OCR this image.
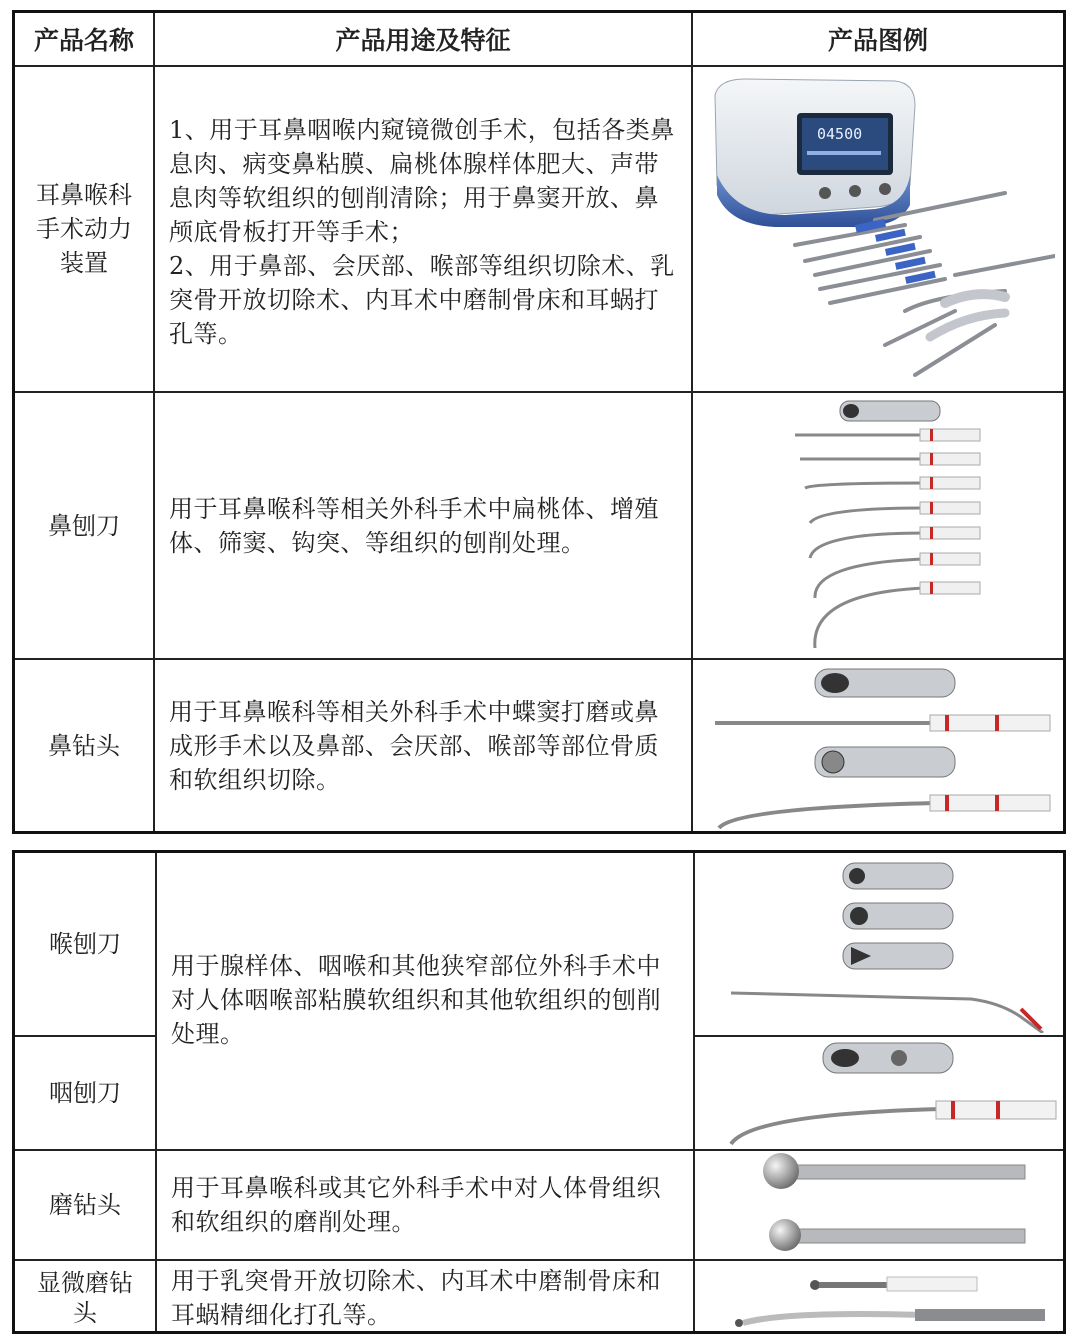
产品名称	产品用途及特征	产品图例
耳鼻喉科
手术动力
装置
1、用于耳鼻咽喉内窥镜微创手术，包括各类鼻息肉、病变鼻粘膜、扁桃体腺样体肥大、声带息肉等软组织的刨削清除；用于鼻窦开放、鼻颅底骨板打开等手术；
2、用于鼻部、会厌部、喉部等组织切除术、乳突骨开放切除术、内耳术中磨制骨床和耳蜗打孔等。
04500
鼻刨刀
用于耳鼻喉科等相关外科手术中扁桃体、增殖体、筛窦、钩突、等组织的刨削处理。
鼻钻头
用于耳鼻喉科等相关外科手术中蝶窦打磨或鼻成形手术以及鼻部、会厌部、喉部等部位骨质和软组织切除。
喉刨刀
咽刨刀
用于腺样体、咽喉和其他狭窄部位外科手术中对人体咽喉部粘膜软组织和其他软组织的刨削处理。
磨钻头
用于耳鼻喉科或其它外科手术中对人体骨组织和软组织的磨削处理。
显微磨钻
头
用于乳突骨开放切除术、内耳术中磨制骨床和耳蜗精细化打孔等。
